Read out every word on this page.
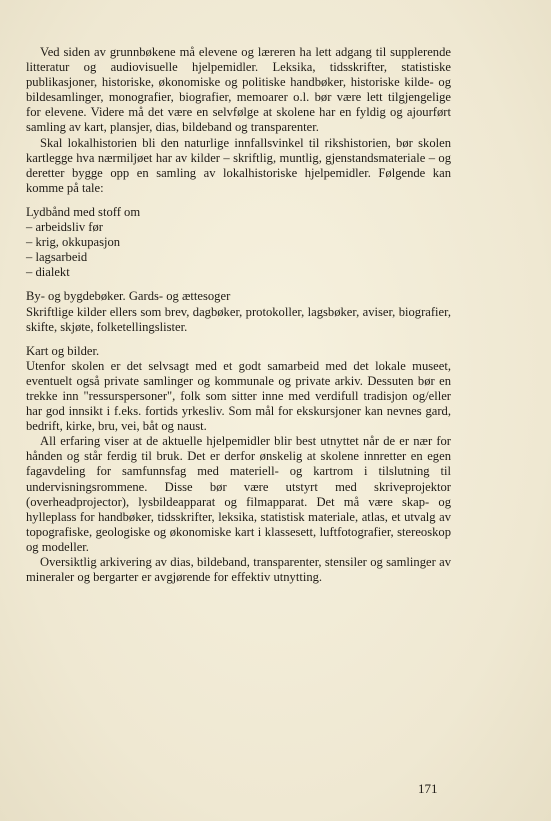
Ved siden av grunnbøkene må elevene og læreren ha lett adgang til supplerende litteratur og audiovisuelle hjelpemidler. Leksika, tidsskrifter, statistiske publikasjoner, historiske, økonomiske og politiske handbøker, historiske kilde- og bildesamlinger, monografier, biografier, memoarer o.l. bør være lett tilgjengelige for elevene. Videre må det være en selvfølge at skolene har en fyldig og ajourført samling av kart, plansjer, dias, bildeband og transparenter.

Skal lokalhistorien bli den naturlige innfallsvinkel til rikshistorien, bør skolen kartlegge hva nærmiljøet har av kilder – skriftlig, muntlig, gjenstandsmateriale – og deretter bygge opp en samling av lokalhistoriske hjelpemidler. Følgende kan komme på tale:

Lydbånd med stoff om

– arbeidsliv før
– krig, okkupasjon
– lagsarbeid
– dialekt

By- og bygdebøker. Gards- og ættesoger

Skriftlige kilder ellers som brev, dagbøker, protokoller, lagsbøker, aviser, biografier, skifte, skjøte, folketellingslister.

Kart og bilder.

Utenfor skolen er det selvsagt med et godt samarbeid med det lokale museet, eventuelt også private samlinger og kommunale og private arkiv. Dessuten bør en trekke inn "ressurspersoner", folk som sitter inne med verdifull tradisjon og/eller har god innsikt i f.eks. fortids yrkesliv. Som mål for ekskursjoner kan nevnes gard, bedrift, kirke, bru, vei, båt og naust.

All erfaring viser at de aktuelle hjelpemidler blir best utnyttet når de er nær for hånden og står ferdig til bruk. Det er derfor ønskelig at skolene innretter en egen fagavdeling for samfunnsfag med materiell- og kartrom i tilslutning til undervisningsrommene. Disse bør være utstyrt med skriveprojektor (overheadprojector), lysbildeapparat og filmapparat. Det må være skap- og hylleplass for handbøker, tidsskrifter, leksika, statistisk materiale, atlas, et utvalg av topografiske, geologiske og økonomiske kart i klassesett, luftfotografier, stereoskop og modeller.

Oversiktlig arkivering av dias, bildeband, transparenter, stensiler og samlinger av mineraler og bergarter er avgjørende for effektiv utnytting.

171
